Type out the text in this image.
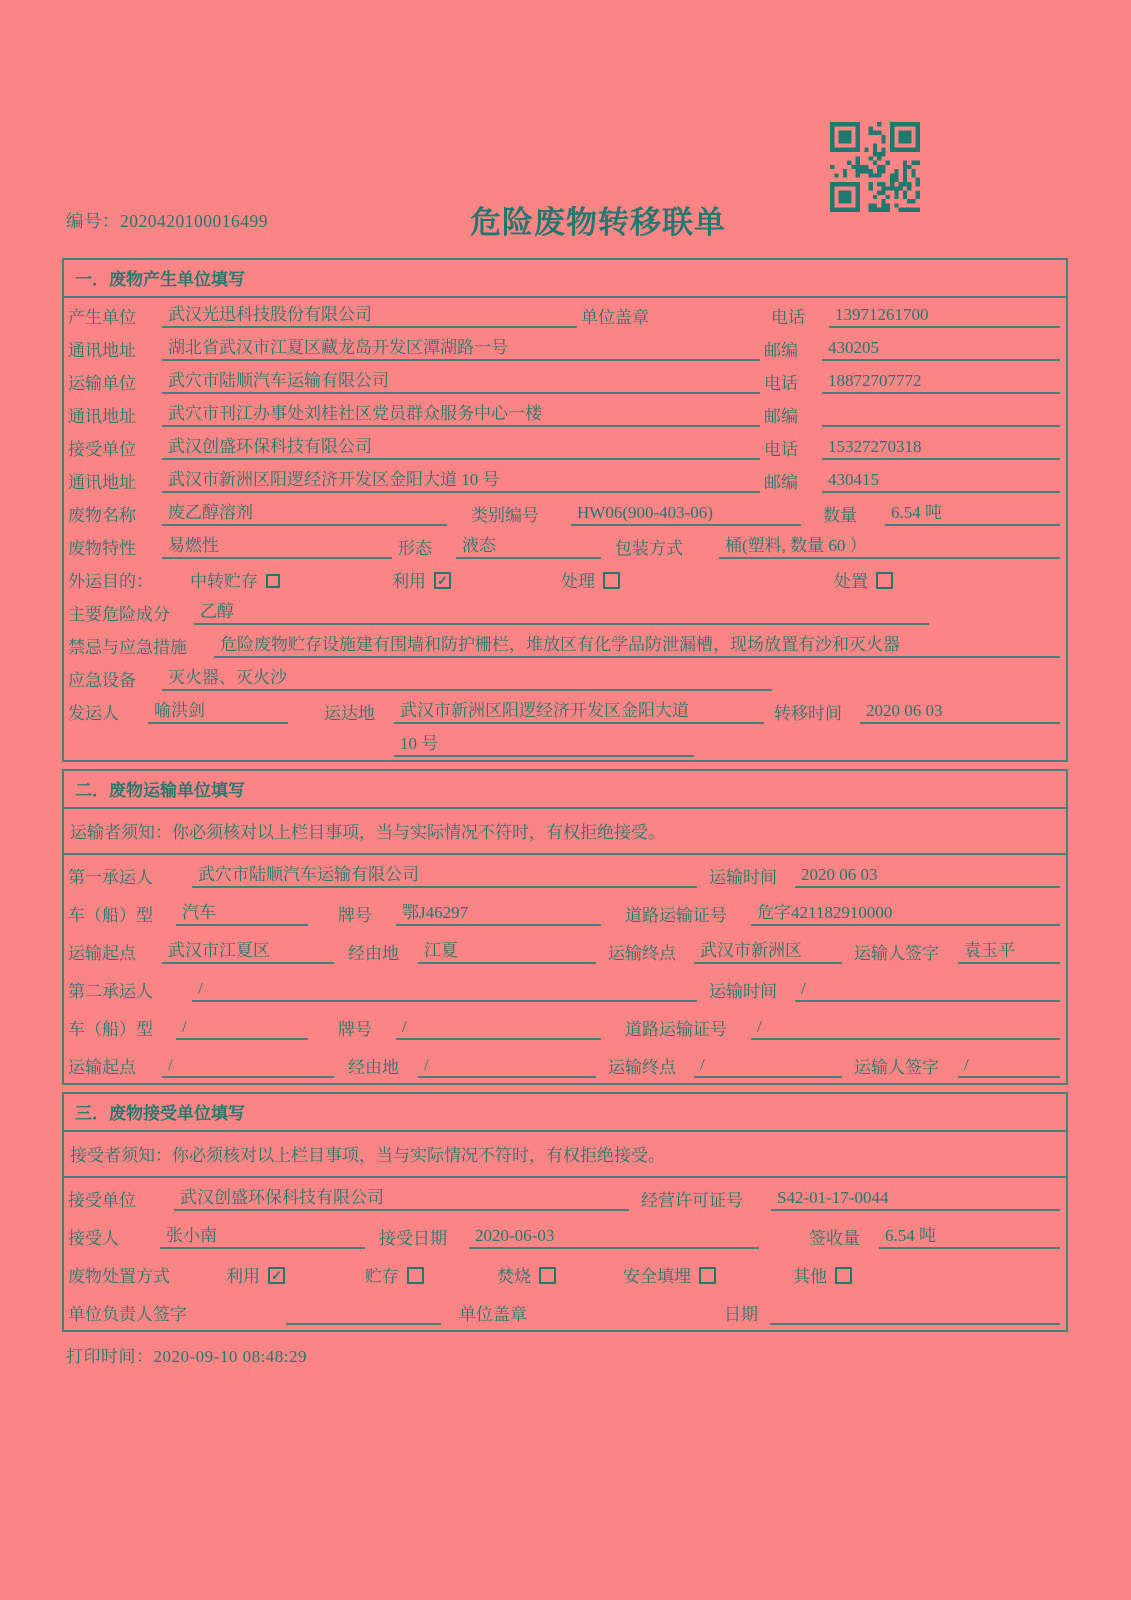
编号：2020420100016499	危险废物转移联单
一．废物产生单位填写
产生单位	武汉光迅科技股份有限公司	单位盖章	电话	13971261700
通讯地址	湖北省武汉市江夏区藏龙岛开发区潭湖路一号	邮编	430205
运输单位	武穴市陆顺汽车运输有限公司	电话	18872707772
通讯地址	武穴市刊江办事处刘桂社区党员群众服务中心一楼	邮编
接受单位	武汉创盛环保科技有限公司	电话	15327270318
通讯地址	武汉市新洲区阳逻经济开发区金阳大道 10 号	邮编	430415
废物名称	废乙醇溶剂	类别编号	HW06(900-403-06)	数量	6.54 吨
废物特性	易燃性	形态	液态	包装方式	桶(塑料, 数量 60 ）
外运目的：	中转贮存	利用 ✓	处理	处置
主要危险成分	乙醇
禁忌与应急措施	危险废物贮存设施建有围墙和防护栅栏，堆放区有化学品防泄漏槽，现场放置有沙和灭火器
应急设备	灭火器、灭火沙
发运人	喻洪剑	运达地	武汉市新洲区阳逻经济开发区金阳大道	转移时间	2020 06 03
10 号
二．废物运输单位填写
运输者须知：你必须核对以上栏目事项，当与实际情况不符时，有权拒绝接受。
第一承运人	武穴市陆顺汽车运输有限公司	运输时间	2020 06 03
车（船）型	汽车	牌号	鄂J46297	道路运输证号	危字421182910000
运输起点	武汉市江夏区	经由地	江夏	运输终点	武汉市新洲区	运输人签字	袁玉平
第二承运人	/	运输时间	/
车（船）型	/	牌号	/	道路运输证号	/
运输起点	/	经由地	/	运输终点	/	运输人签字	/
三．废物接受单位填写
接受者须知：你必须核对以上栏目事项，当与实际情况不符时，有权拒绝接受。
接受单位	武汉创盛环保科技有限公司	经营许可证号	S42-01-17-0044
接受人	张小南	接受日期	2020-06-03	签收量	6.54 吨
废物处置方式	利用 ✓	贮存	焚烧	安全填埋	其他
单位负责人签字	单位盖章	日期
打印时间：2020-09-10 08:48:29
